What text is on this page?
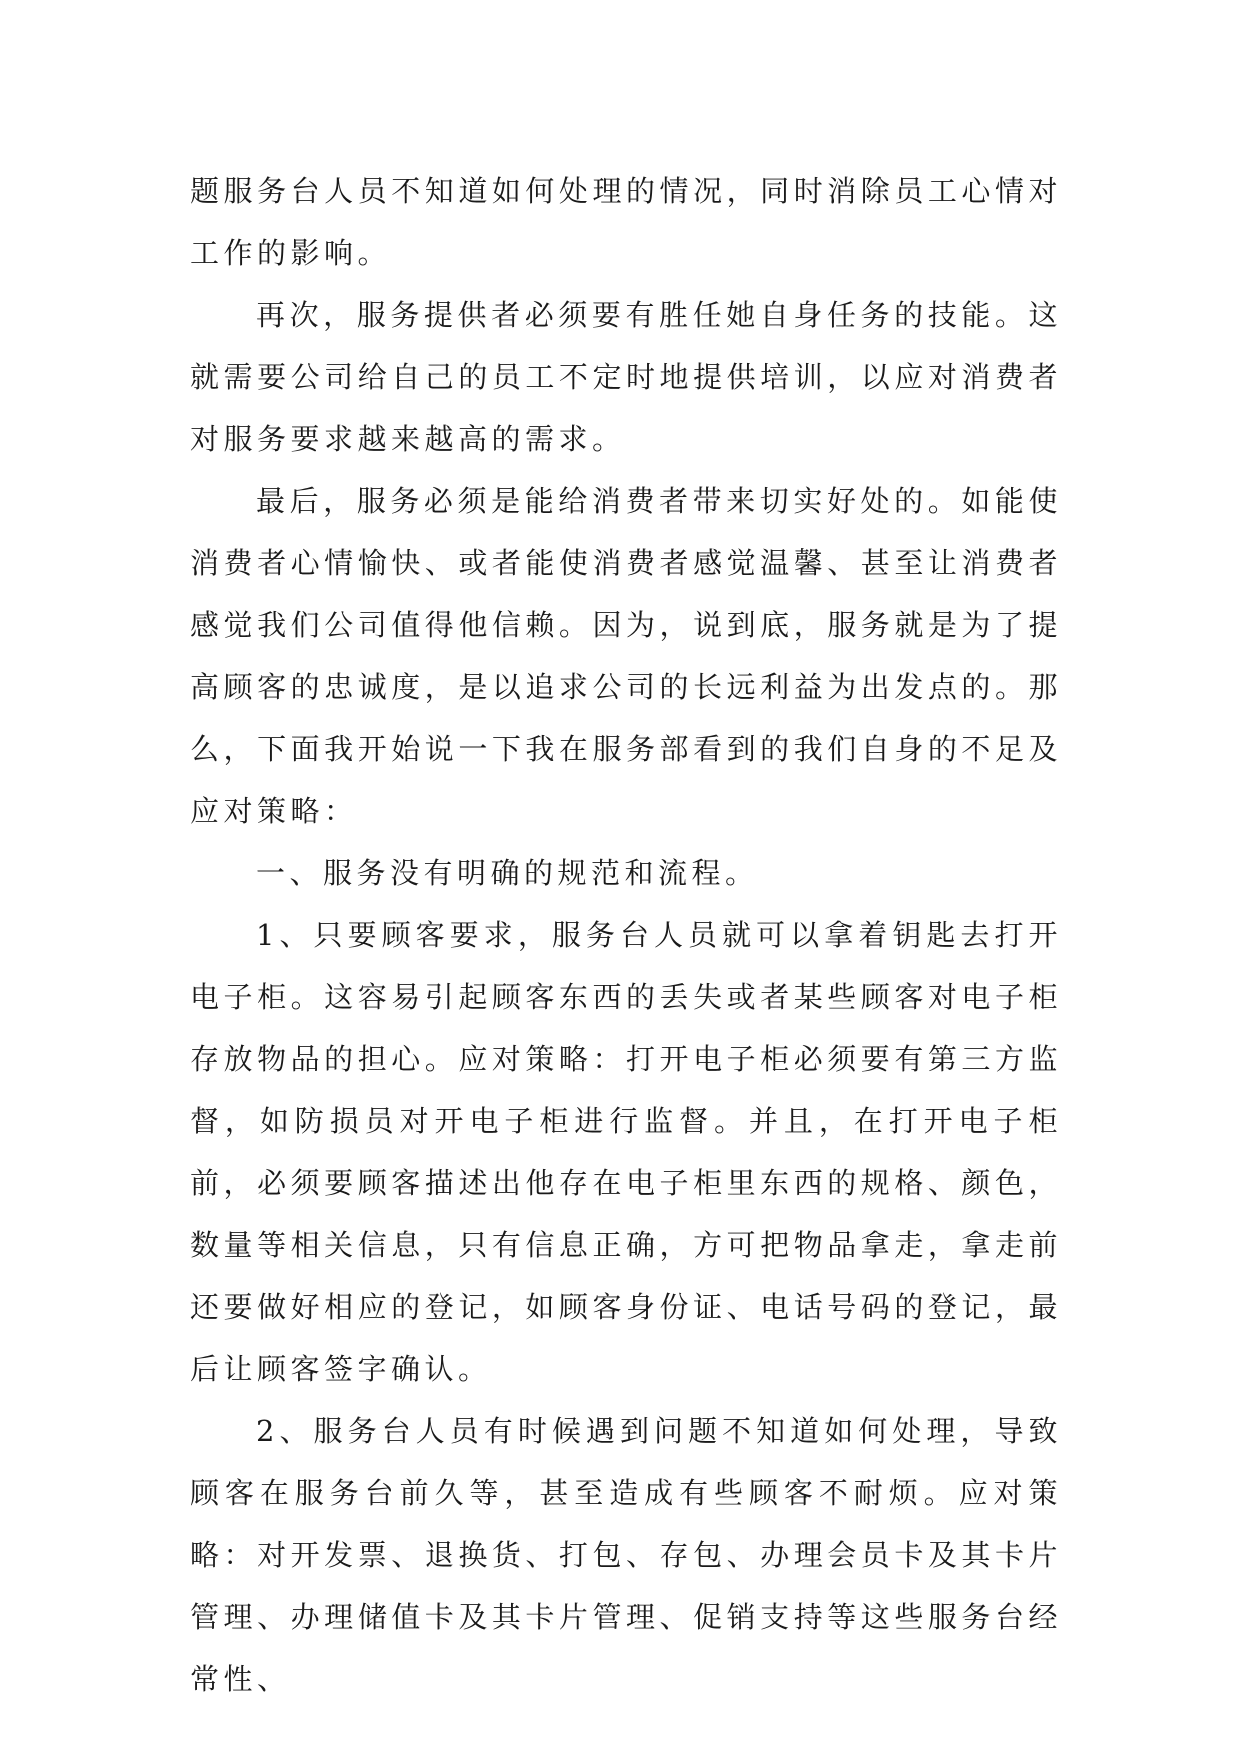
题服务台人员不知道如何处理的情况，同时消除员工心情对工作的影响。

再次，服务提供者必须要有胜任她自身任务的技能。这就需要公司给自己的员工不定时地提供培训，以应对消费者对服务要求越来越高的需求。

最后，服务必须是能给消费者带来切实好处的。如能使消费者心情愉快、或者能使消费者感觉温馨、甚至让消费者感觉我们公司值得他信赖。因为，说到底，服务就是为了提高顾客的忠诚度，是以追求公司的长远利益为出发点的。那么，下面我开始说一下我在服务部看到的我们自身的不足及应对策略：

一、服务没有明确的规范和流程。

1、只要顾客要求，服务台人员就可以拿着钥匙去打开电子柜。这容易引起顾客东西的丢失或者某些顾客对电子柜存放物品的担心。应对策略：打开电子柜必须要有第三方监督，如防损员对开电子柜进行监督。并且，在打开电子柜前，必须要顾客描述出他存在电子柜里东西的规格、颜色，数量等相关信息，只有信息正确，方可把物品拿走，拿走前还要做好相应的登记，如顾客身份证、电话号码的登记，最后让顾客签字确认。

2、服务台人员有时候遇到问题不知道如何处理，导致顾客在服务台前久等，甚至造成有些顾客不耐烦。应对策略：对开发票、退换货、打包、存包、办理会员卡及其卡片管理、办理储值卡及其卡片管理、促销支持等这些服务台经常性、
